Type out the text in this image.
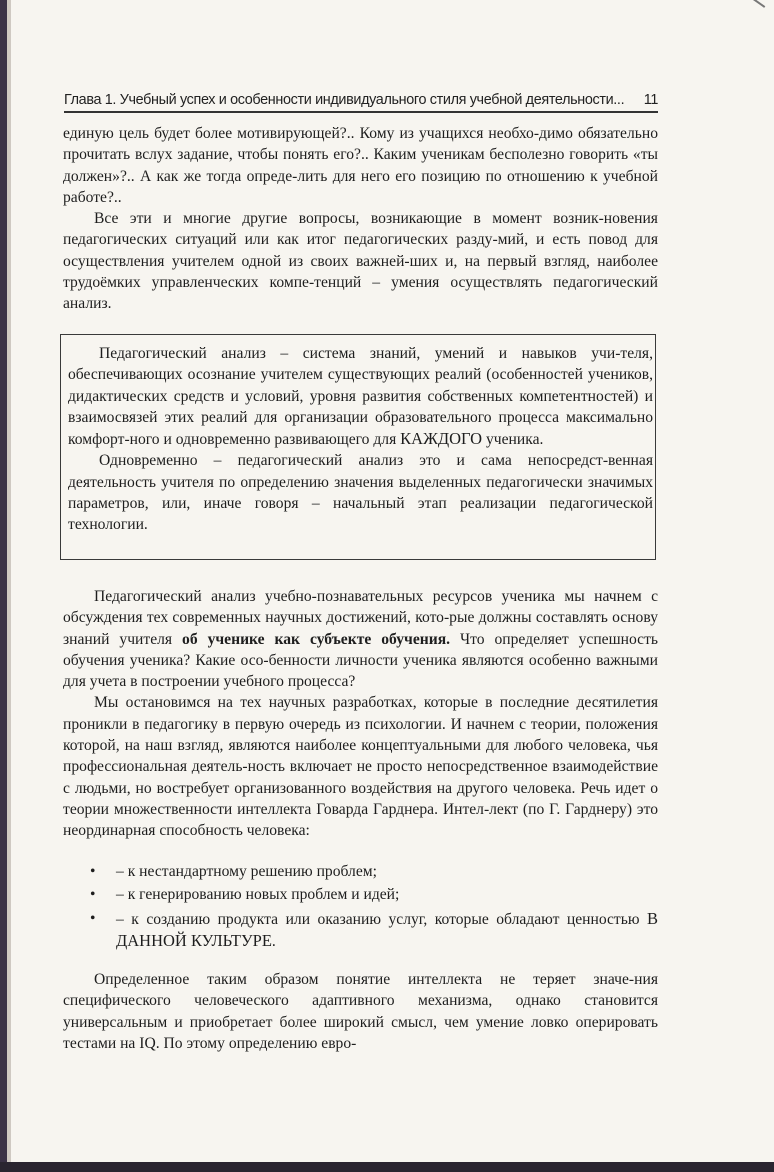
Глава 1. Учебный успех и особенности индивидуального стиля учебной деятельности... 11

единую цель будет более мотивирующей?.. Кому из учащихся необхо-димо обязательно прочитать вслух задание, чтобы понять его?.. Каким ученикам бесполезно говорить «ты должен»?.. А как же тогда опреде-лить для него его позицию по отношению к учебной работе?..

Все эти и многие другие вопросы, возникающие в момент возник-новения педагогических ситуаций или как итог педагогических разду-мий, и есть повод для осуществления учителем одной из своих важней-ших и, на первый взгляд, наиболее трудоёмких управленческих компе-тенций – умения осуществлять педагогический анализ.

Педагогический анализ – система знаний, умений и навыков учи-теля, обеспечивающих осознание учителем существующих реалий (особенностей учеников, дидактических средств и условий, уровня развития собственных компетентностей) и взаимосвязей этих реалий для организации образовательного процесса максимально комфорт-ного и одновременно развивающего для КАЖДОГО ученика.

Одновременно – педагогический анализ это и сама непосредст-венная деятельность учителя по определению значения выделенных педагогически значимых параметров, или, иначе говоря – начальный этап реализации педагогической технологии.

Педагогический анализ учебно-познавательных ресурсов ученика мы начнем с обсуждения тех современных научных достижений, кото-рые должны составлять основу знаний учителя об ученике как субъекте обучения. Что определяет успешность обучения ученика? Какие осо-бенности личности ученика являются особенно важными для учета в построении учебного процесса?

Мы остановимся на тех научных разработках, которые в последние десятилетия проникли в педагогику в первую очередь из психологии. И начнем с теории, положения которой, на наш взгляд, являются наиболее концептуальными для любого человека, чья профессиональная деятель-ность включает не просто непосредственное взаимодействие с людьми, но востребует организованного воздействия на другого человека. Речь идет о теории множественности интеллекта Говарда Гарднера. Интел-лект (по Г. Гарднеру) это неординарная способность человека:

• – к нестандартному решению проблем;
• – к генерированию новых проблем и идей;
• – к созданию продукта или оказанию услуг, которые обладают ценностью В ДАННОЙ КУЛЬТУРЕ.

Определенное таким образом понятие интеллекта не теряет значе-ния специфического человеческого адаптивного механизма, однако становится универсальным и приобретает более широкий смысл, чем умение ловко оперировать тестами на IQ. По этому определению евро-
